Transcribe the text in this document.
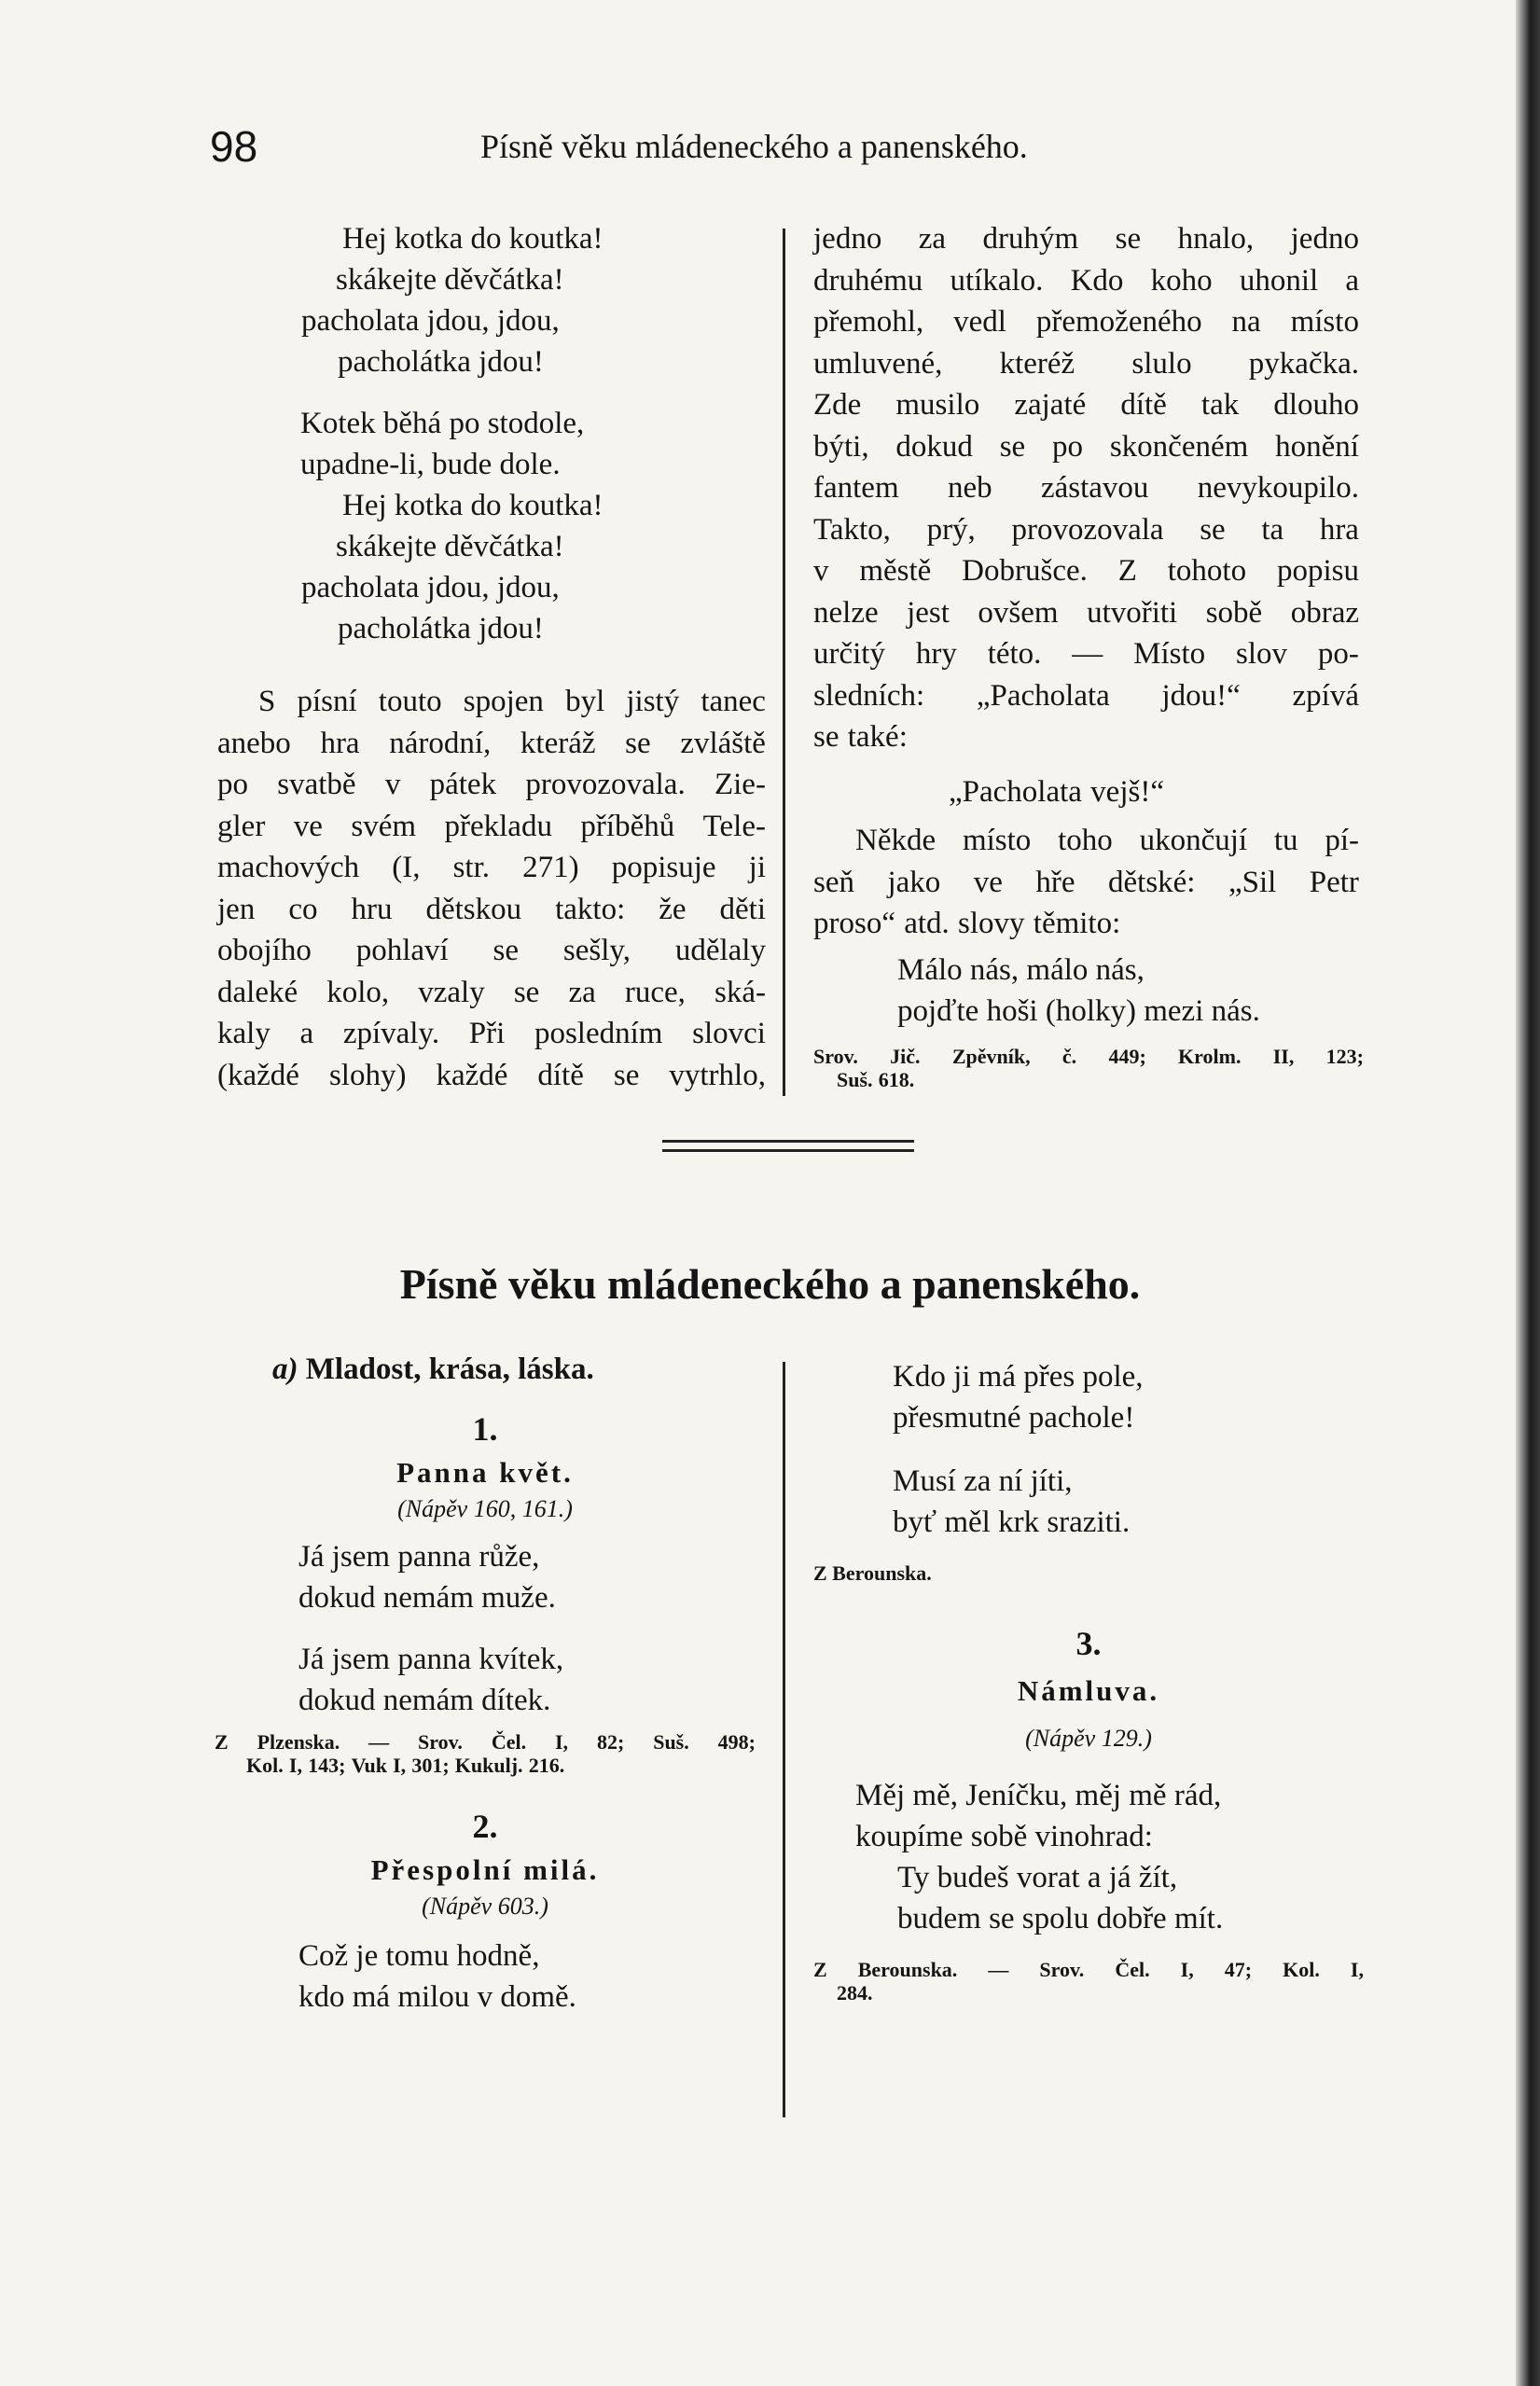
98	Písně věku mládeneckého a panenského.
Hej kotka do koutka!
skákejte děvčátka!
pacholata jdou, jdou,
pacholátka jdou!
Kotek běhá po stodole,
upadne-li, bude dole.
Hej kotka do koutka!
skákejte děvčátka!
pacholata jdou, jdou,
pacholátka jdou!
S písní touto spojen byl jistý tanec
anebo hra národní, kteráž se zvláště
po svatbě v pátek provozovala. Zie-
gler ve svém překladu příběhů Tele-
machových (I, str. 271) popisuje ji
jen co hru dětskou takto: že děti
obojího pohlaví se sešly, udělaly
daleké kolo, vzaly se za ruce, ská-
kaly a zpívaly. Při posledním slovci
(každé slohy) každé dítě se vytrhlo,
jedno za druhým se hnalo, jedno
druhému utíkalo. Kdo koho uhonil a
přemohl, vedl přemoženého na místo
umluvené, kteréž slulo pykačka.
Zde musilo zajaté dítě tak dlouho
býti, dokud se po skončeném honění
fantem neb zástavou nevykoupilo.
Takto, prý, provozovala se ta hra
v městě Dobrušce. Z tohoto popisu
nelze jest ovšem utvořiti sobě obraz
určitý hry této. — Místo slov po-
sledních: „Pacholata jdou!“ zpívá
se také:
„Pacholata vejš!“
Někde místo toho ukončují tu pí-
seň jako ve hře dětské: „Sil Petr
proso“ atd. slovy těmito:
Málo nás, málo nás,
pojďte hoši (holky) mezi nás.
Srov. Jič. Zpěvník, č. 449; Krolm. II, 123;
Suš. 618.
Písně věku mládeneckého a panenského.
a) Mladost, krása, láska.
1.
Panna květ.
(Nápěv 160, 161.)
Já jsem panna růže,
dokud nemám muže.
Já jsem panna kvítek,
dokud nemám dítek.
Z Plzenska. — Srov. Čel. I, 82; Suš. 498;
Kol. I, 143; Vuk I, 301; Kukulj. 216.
2.
Přespolní milá.
(Nápěv 603.)
Což je tomu hodně,
kdo má milou v domě.
Kdo ji má přes pole,
přesmutné pachole!
Musí za ní jíti,
byť měl krk sraziti.
Z Berounska.
3.
Námluva.
(Nápěv 129.)
Měj mě, Jeníčku, měj mě rád,
koupíme sobě vinohrad:
Ty budeš vorat a já žít,
budem se spolu dobře mít.
Z Berounska. — Srov. Čel. I, 47; Kol. I,
284.
